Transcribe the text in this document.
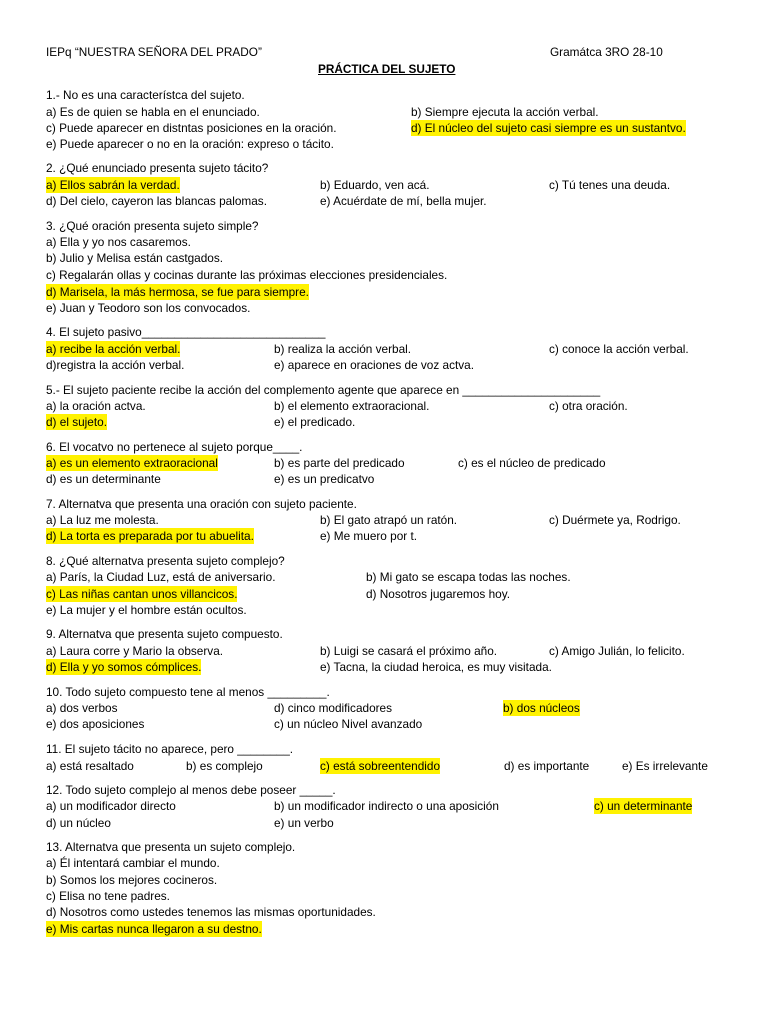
IEPq “NUESTRA SEÑORA DEL PRADO”	Gramátca 3RO 28-10
PRÁCTICA DEL SUJETO
1.- No es una característca del sujeto.
a) Es de quien se habla en el enunciado.	b) Siempre ejecuta la acción verbal.
c) Puede aparecer en distntas posiciones en la oración.	d) El núcleo del sujeto casi siempre es un sustantvo.
e) Puede aparecer o no en la oración: expreso o tácito.
2. ¿Qué enunciado presenta sujeto tácito?
a) Ellos sabrán la verdad.	b) Eduardo, ven acá.	c) Tú tenes una deuda.
d) Del cielo, cayeron las blancas palomas.	e) Acuérdate de mí, bella mujer.
3. ¿Qué oración presenta sujeto simple?
a) Ella y yo nos casaremos.
b) Julio y Melisa están castgados.
c) Regalarán ollas y cocinas durante las próximas elecciones presidenciales.
d) Marisela, la más hermosa, se fue para siempre.
e) Juan y Teodoro son los convocados.
4. El sujeto pasivo____________________________
a) recibe la acción verbal.	b) realiza la acción verbal.	c) conoce la acción verbal.
d)registra la acción verbal.	e) aparece en oraciones de voz actva.
5.- El sujeto paciente recibe la acción del complemento agente que aparece en _____________________
a) la oración actva.	b) el elemento extraoracional.	c) otra oración.
d) el sujeto.	e) el predicado.
6. El vocatvo no pertenece al sujeto porque____.
a) es un elemento extraoracional	b) es parte del predicado	c) es el núcleo de predicado
d) es un determinante	e) es un predicatvo
7. Alternatva que presenta una oración con sujeto paciente.
a) La luz me molesta.	b) El gato atrapó un ratón.	c) Duérmete ya, Rodrigo.
d) La torta es preparada por tu abuelita.	e) Me muero por t.
8. ¿Qué alternatva presenta sujeto complejo?
a) París, la Ciudad Luz, está de aniversario.	b) Mi gato se escapa todas las noches.
c) Las niñas cantan unos villancicos.	d) Nosotros jugaremos hoy.
e) La mujer y el hombre están ocultos.
9. Alternatva que presenta sujeto compuesto.
a) Laura corre y Mario la observa.	b) Luigi se casará el próximo año.	c) Amigo Julián, lo felicito.
d) Ella y yo somos cómplices.	e) Tacna, la ciudad heroica, es muy visitada.
10. Todo sujeto compuesto tene al menos _________.
a) dos verbos	d) cinco modificadores	b) dos núcleos
e) dos aposiciones	c) un núcleo Nivel avanzado
11. El sujeto tácito no aparece, pero ________.
a) está resaltado	b) es complejo	c) está sobreentendido	d) es importante	e) Es irrelevante
12. Todo sujeto complejo al menos debe poseer _____.
a) un modificador directo	b) un modificador indirecto o una aposición	c) un determinante
d) un núcleo	e) un verbo
13. Alternatva que presenta un sujeto complejo.
a) Él intentará cambiar el mundo.
b) Somos los mejores cocineros.
c) Elisa no tene padres.
d) Nosotros como ustedes tenemos las mismas oportunidades.
e) Mis cartas nunca llegaron a su destno.
